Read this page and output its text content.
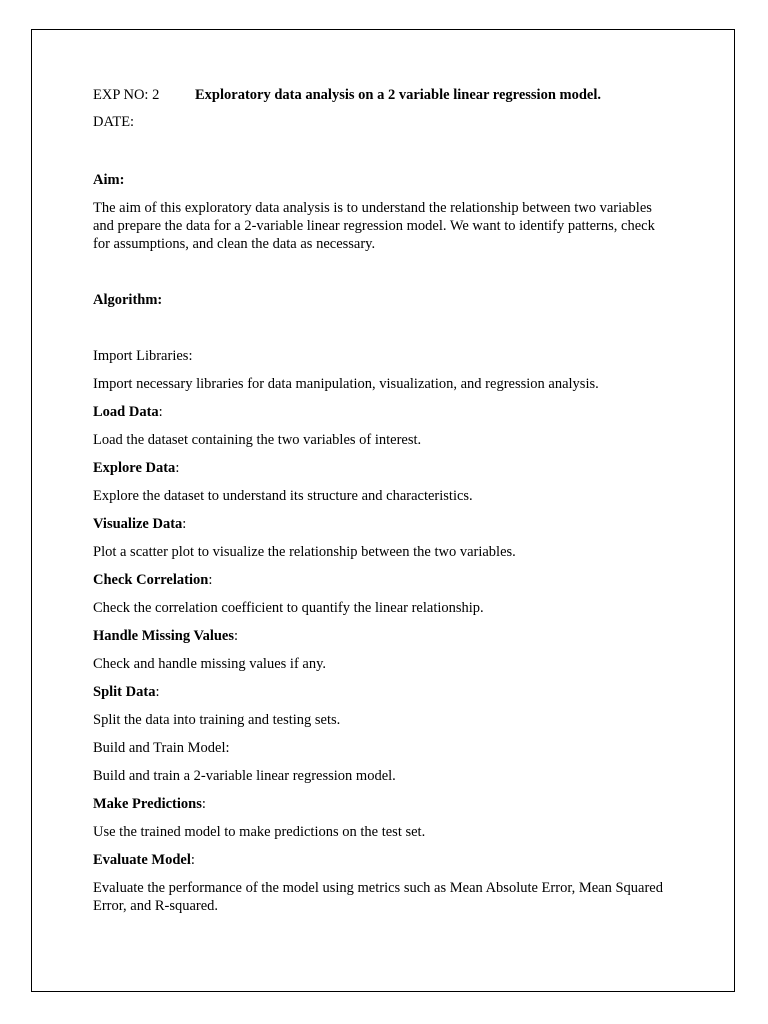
EXP NO: 2	Exploratory data analysis on a 2 variable linear regression model.
DATE:

Aim:

The aim of this exploratory data analysis is to understand the relationship between two variables and prepare the data for a 2-variable linear regression model. We want to identify patterns, check for assumptions, and clean the data as necessary.

Algorithm:

Import Libraries:

Import necessary libraries for data manipulation, visualization, and regression analysis.

Load Data:

Load the dataset containing the two variables of interest.

Explore Data:

Explore the dataset to understand its structure and characteristics.

Visualize Data:

Plot a scatter plot to visualize the relationship between the two variables.

Check Correlation:

Check the correlation coefficient to quantify the linear relationship.

Handle Missing Values:

Check and handle missing values if any.

Split Data:

Split the data into training and testing sets.

Build and Train Model:

Build and train a 2-variable linear regression model.

Make Predictions:

Use the trained model to make predictions on the test set.

Evaluate Model:

Evaluate the performance of the model using metrics such as Mean Absolute Error, Mean Squared Error, and R-squared.
